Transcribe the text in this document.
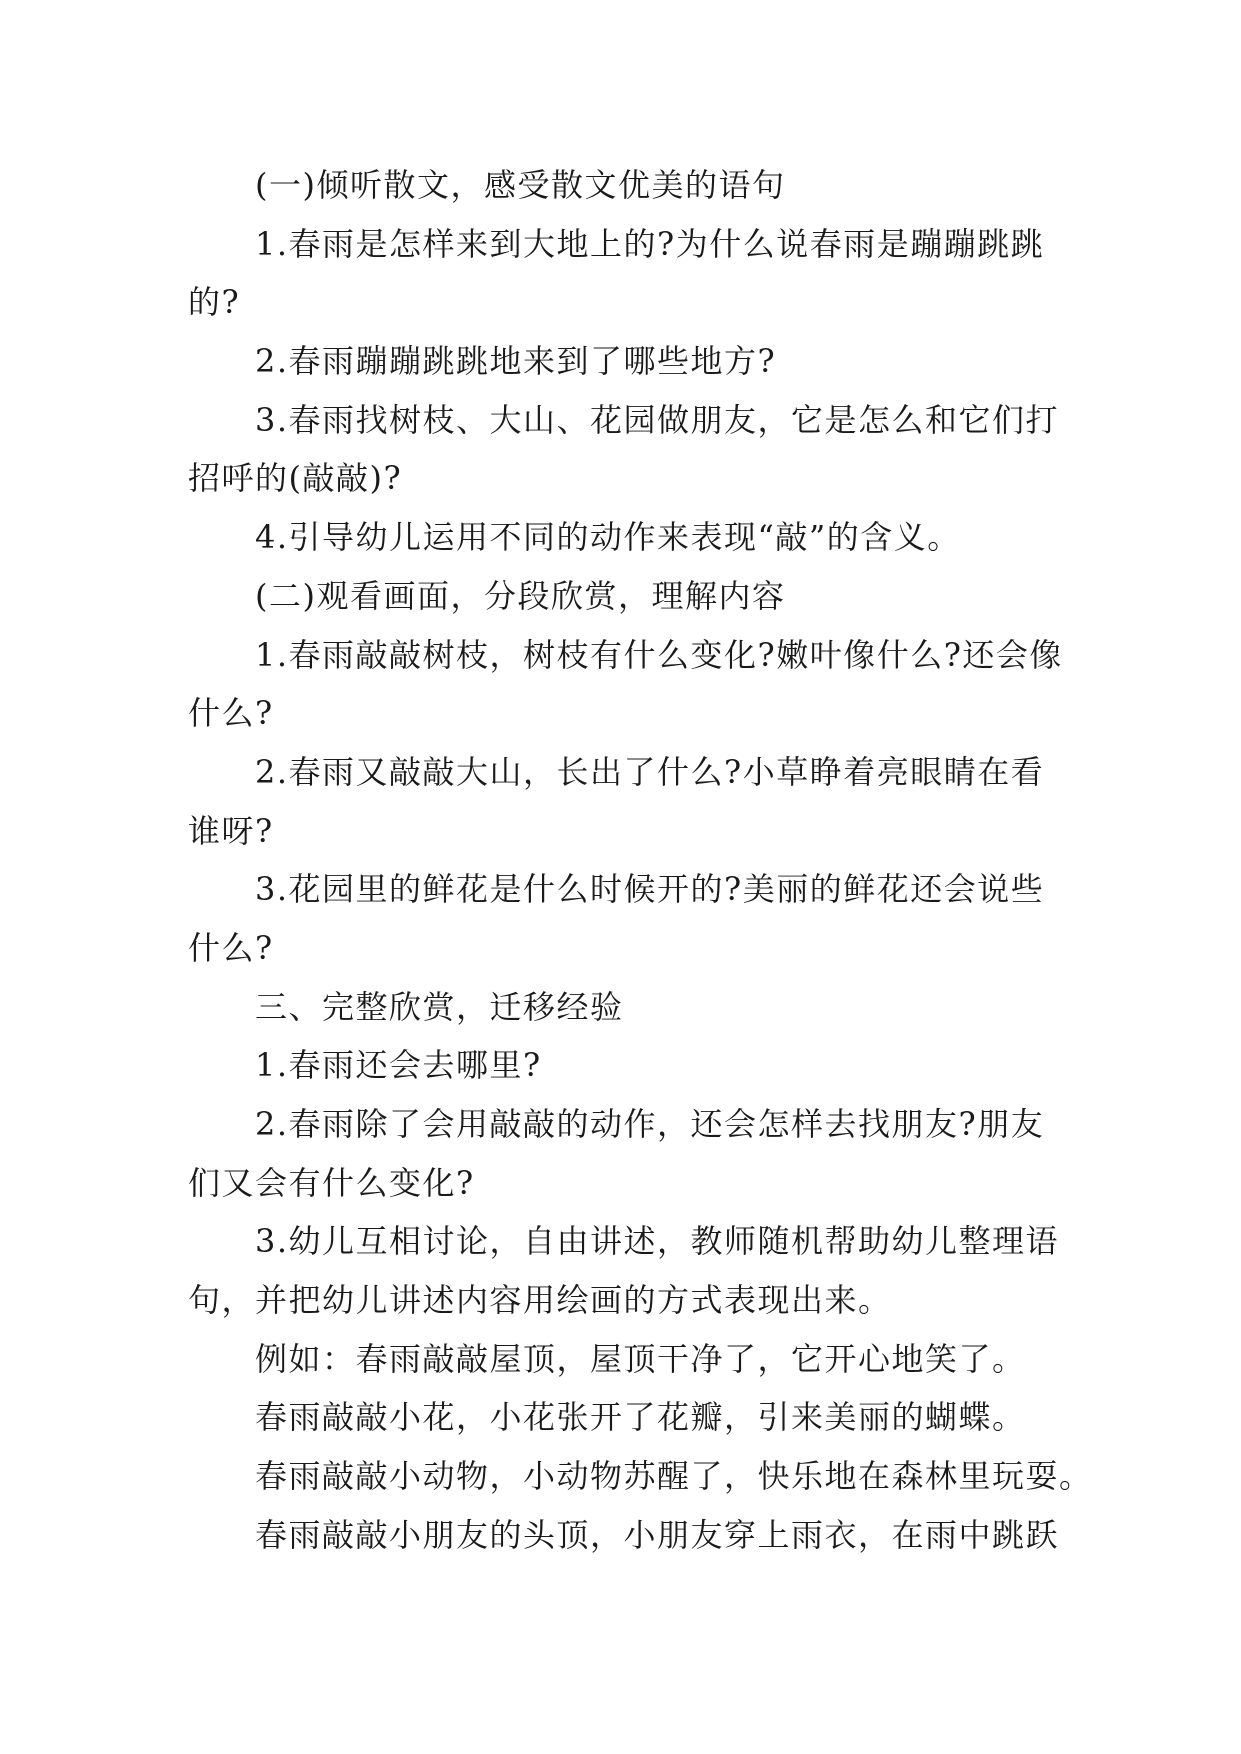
(一)倾听散文，感受散文优美的语句
1.春雨是怎样来到大地上的?为什么说春雨是蹦蹦跳跳
的?
2.春雨蹦蹦跳跳地来到了哪些地方?
3.春雨找树枝、大山、花园做朋友，它是怎么和它们打
招呼的(敲敲)?
4.引导幼儿运用不同的动作来表现“敲”的含义。
(二)观看画面，分段欣赏，理解内容
1.春雨敲敲树枝，树枝有什么变化?嫩叶像什么?还会像
什么?
2.春雨又敲敲大山，长出了什么?小草睁着亮眼睛在看
谁呀?
3.花园里的鲜花是什么时候开的?美丽的鲜花还会说些
什么?
三、完整欣赏，迁移经验
1.春雨还会去哪里?
2.春雨除了会用敲敲的动作，还会怎样去找朋友?朋友
们又会有什么变化?
3.幼儿互相讨论，自由讲述，教师随机帮助幼儿整理语
句，并把幼儿讲述内容用绘画的方式表现出来。
例如：春雨敲敲屋顶，屋顶干净了，它开心地笑了。
春雨敲敲小花，小花张开了花瓣，引来美丽的蝴蝶。
春雨敲敲小动物，小动物苏醒了，快乐地在森林里玩耍。
春雨敲敲小朋友的头顶，小朋友穿上雨衣，在雨中跳跃
